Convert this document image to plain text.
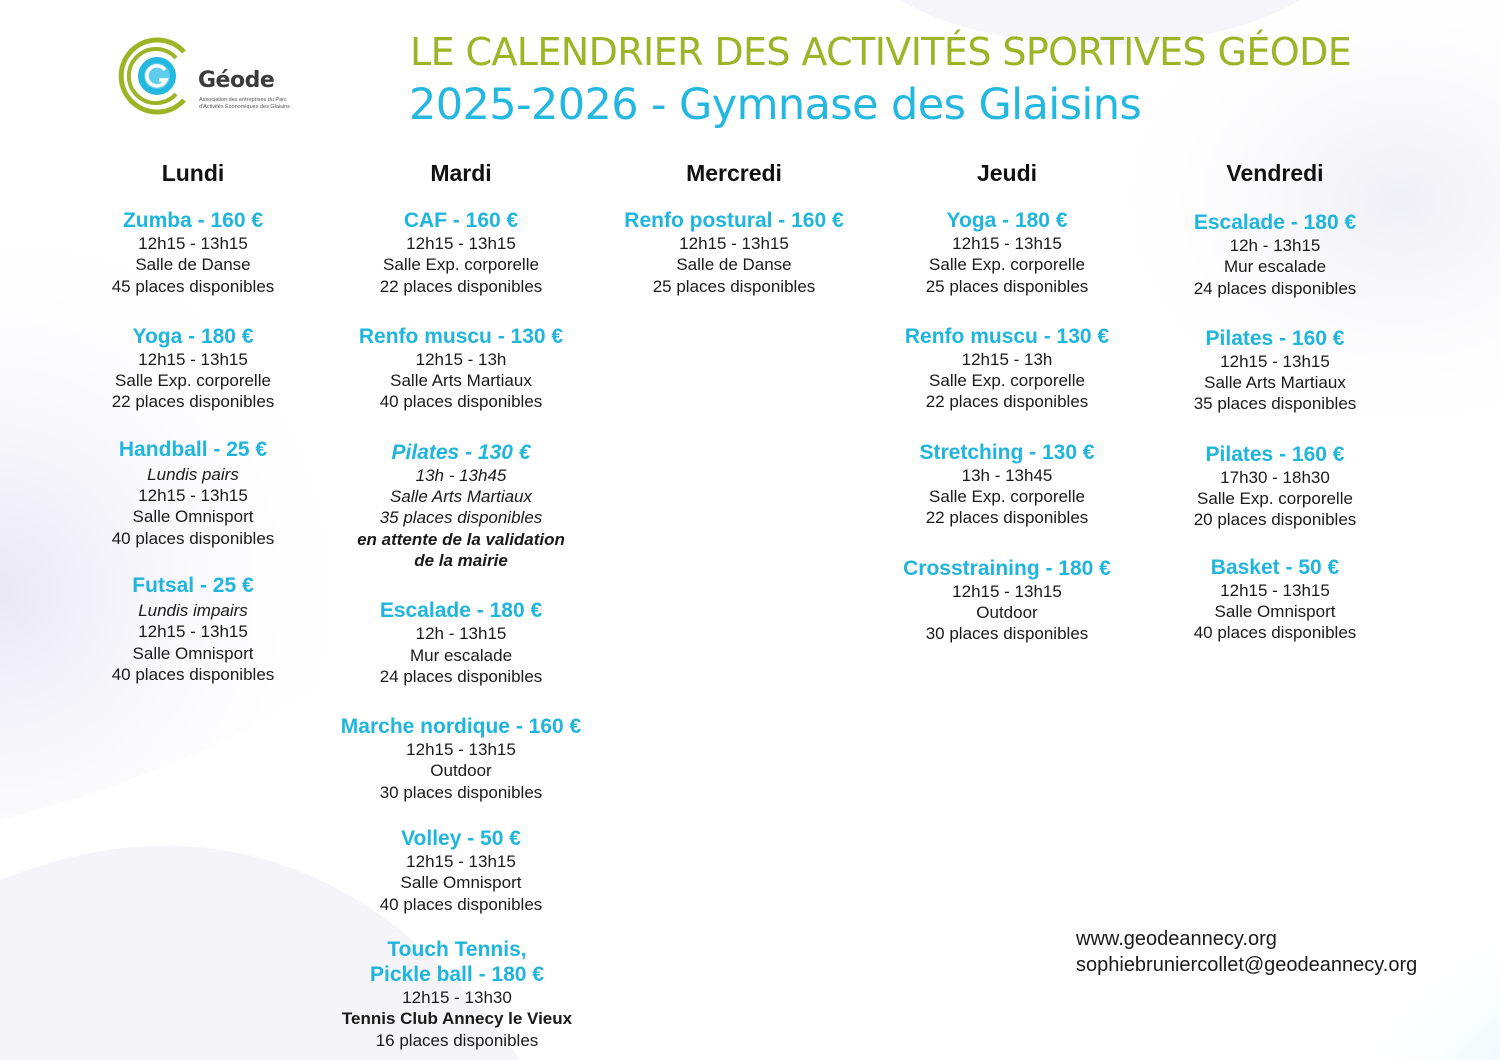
Géode
Association des entreprises du Parc d'Activités Économiques des Glaisins
LE CALENDRIER DES ACTIVITÉS SPORTIVES GÉODE
2025-2026 - Gymnase des Glaisins
Lundi
Zumba - 160 €
12h15 - 13h15
Salle de Danse
45 places disponibles
Yoga - 180 €
12h15 - 13h15
Salle Exp. corporelle
22 places disponibles
Handball - 25 €
Lundis pairs
12h15 - 13h15
Salle Omnisport
40 places disponibles
Futsal - 25 €
Lundis impairs
12h15 - 13h15
Salle Omnisport
40 places disponibles
Mardi
CAF - 160 €
12h15 - 13h15
Salle Exp. corporelle
22 places disponibles
Renfo muscu - 130 €
12h15 - 13h
Salle Arts Martiaux
40 places disponibles
Pilates - 130 €
13h - 13h45
Salle Arts Martiaux
35 places disponibles
en attente de la validation
de la mairie
Escalade - 180 €
12h - 13h15
Mur escalade
24 places disponibles
Marche nordique - 160 €
12h15 - 13h15
Outdoor
30 places disponibles
Volley - 50 €
12h15 - 13h15
Salle Omnisport
40 places disponibles
Touch Tennis,
Pickle ball - 180 €
12h15 - 13h30
Tennis Club Annecy le Vieux
16 places disponibles
Mercredi
Renfo postural - 160 €
12h15 - 13h15
Salle de Danse
25 places disponibles
Jeudi
Yoga - 180 €
12h15 - 13h15
Salle Exp. corporelle
25 places disponibles
Renfo muscu - 130 €
12h15 - 13h
Salle Exp. corporelle
22 places disponibles
Stretching - 130 €
13h - 13h45
Salle Exp. corporelle
22 places disponibles
Crosstraining - 180 €
12h15 - 13h15
Outdoor
30 places disponibles
Vendredi
Escalade - 180 €
12h - 13h15
Mur escalade
24 places disponibles
Pilates - 160 €
12h15 - 13h15
Salle Arts Martiaux
35 places disponibles
Pilates - 160 €
17h30 - 18h30
Salle Exp. corporelle
20 places disponibles
Basket - 50 €
12h15 - 13h15
Salle Omnisport
40 places disponibles
www.geodeannecy.org
sophiebruniercollet@geodeannecy.org
